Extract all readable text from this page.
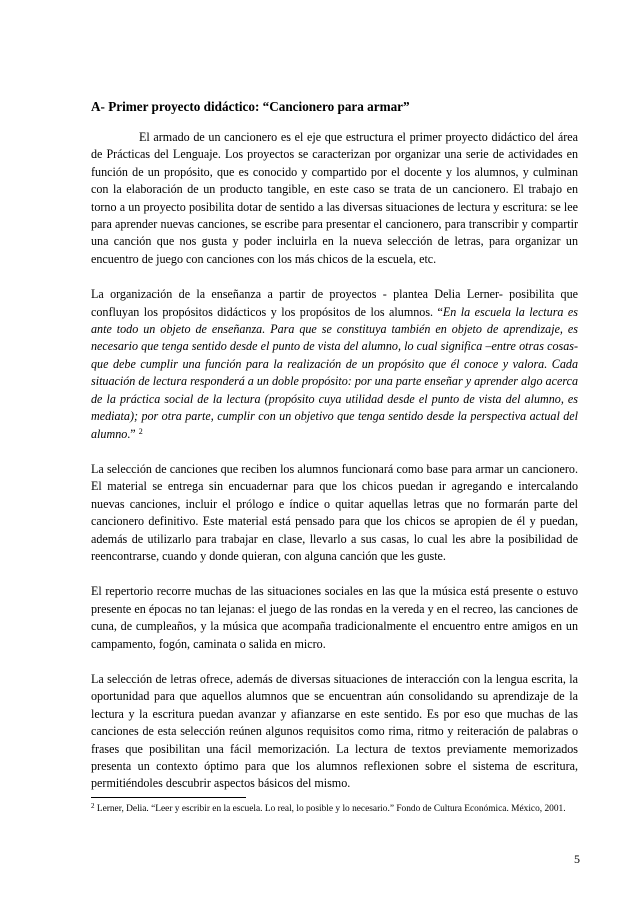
A- Primer proyecto didáctico: “Cancionero para armar”

El armado de un cancionero es el eje que estructura el primer proyecto didáctico del área de Prácticas del Lenguaje. Los proyectos se caracterizan por organizar una serie de actividades en función de un propósito, que es conocido y compartido por el docente y los alumnos, y culminan con la elaboración de un producto tangible, en este caso se trata de un cancionero. El trabajo en torno a un proyecto posibilita dotar de sentido a las diversas situaciones de lectura y escritura: se lee para aprender nuevas canciones, se escribe para presentar el cancionero, para transcribir y compartir una canción que nos gusta y poder incluirla en la nueva selección de letras, para organizar un encuentro de juego con canciones con los más chicos de la escuela, etc.

La organización de la enseñanza a partir de proyectos - plantea Delia Lerner- posibilita que confluyan los propósitos didácticos y los propósitos de los alumnos. “En la escuela la lectura es ante todo un objeto de enseñanza. Para que se constituya también en objeto de aprendizaje, es necesario que tenga sentido desde el punto de vista del alumno, lo cual significa –entre otras cosas- que debe cumplir una función para la realización de un propósito que él conoce y valora. Cada situación de lectura responderá a un doble propósito: por una parte enseñar y aprender algo acerca de la práctica social de la lectura (propósito cuya utilidad desde el punto de vista del alumno, es mediata); por otra parte, cumplir con un objetivo que tenga sentido desde la perspectiva actual del alumno.” $^2$

La selección de canciones que reciben los alumnos funcionará como base para armar un cancionero. El material se entrega sin encuadernar para que los chicos puedan ir agregando e intercalando nuevas canciones, incluir el prólogo e índice o quitar aquellas letras que no formarán parte del cancionero definitivo. Este material está pensado para que los chicos se apropien de él y puedan, además de utilizarlo para trabajar en clase, llevarlo a sus casas, lo cual les abre la posibilidad de reencontrarse, cuando y donde quieran, con alguna canción que les guste.

El repertorio recorre muchas de las situaciones sociales en las que la música está presente o estuvo presente en épocas no tan lejanas: el juego de las rondas en la vereda y en el recreo, las canciones de cuna, de cumpleaños, y la música que acompaña tradicionalmente el encuentro entre amigos en un campamento, fogón, caminata o salida en micro.

La selección de letras ofrece, además de diversas situaciones de interacción con la lengua escrita, la oportunidad para que aquellos alumnos que se encuentran aún consolidando su aprendizaje de la lectura y la escritura puedan avanzar y afianzarse en este sentido. Es por eso que muchas de las canciones de esta selección reúnen algunos requisitos como rima, ritmo y reiteración de palabras o frases que posibilitan una fácil memorización. La lectura de textos previamente memorizados presenta un contexto óptimo para que los alumnos reflexionen sobre el sistema de escritura, permitiéndoles descubrir aspectos básicos del mismo.

$^2$ Lerner, Delia. “Leer y escribir en la escuela. Lo real, lo posible y lo necesario.” Fondo de Cultura Económica. México, 2001.
5
